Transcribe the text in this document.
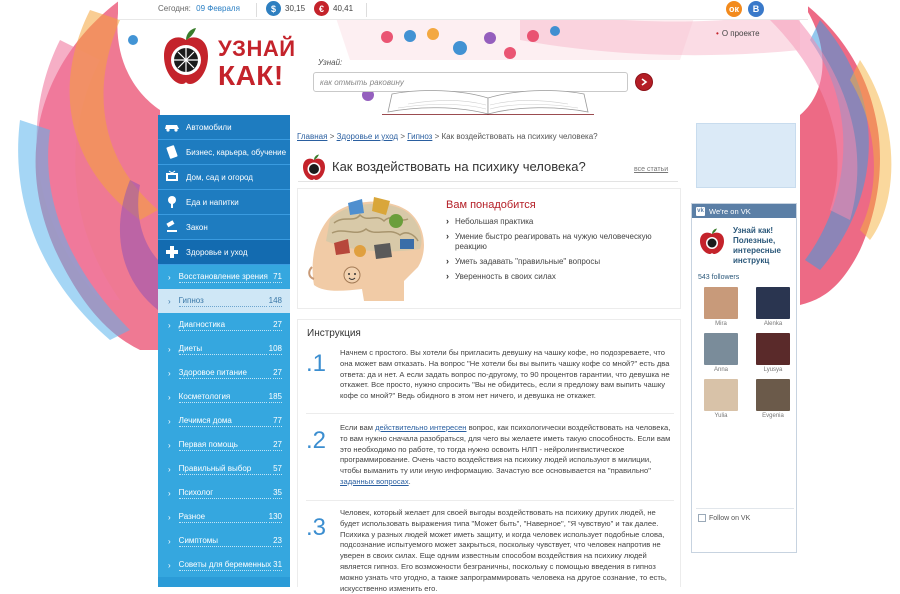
Сегодня: 09 Февраля	$	30,15	€	40,41	ок	В
• О проекте
УЗНАЙ
КАК!	Узнай:
как отмыть раковину
Автомобили
Бизнес, карьера, обучение
Дом, сад и огород
Еда и напитки
Закон
Здоровье и уход
› Восстановление зрения 71
› Гипноз	148
› Диагностика	27
› Диеты	108
› Здоровое питание	27
› Косметология	185
› Лечимся дома	77
› Первая помощь	27
› Правильный выбор	57
› Психолог	35
› Разное	130
› Симптомы	23
› Советы для беременных 31
Главная > Здоровье и уход > Гипноз > Как воздействовать на психику человека?
Как воздействовать на психику человека?	все статьи
Вам понадобится
› Небольшая практика
› Умение быстро реагировать на чужую человеческую реакцию
› Уметь задавать "правильные" вопросы
› Уверенность в своих силах
Инструкция
.1 Начнем с простого. Вы хотели бы пригласить девушку на чашку кофе, но подозреваете, что она может вам отказать. На вопрос "Не хотели бы вы выпить чашку кофе со мной?" есть два ответа: да и нет. А если задать вопрос по-другому, то 90 процентов гарантии, что девушка не откажет. Все просто, нужно спросить "Вы не обидитесь, если я предложу вам выпить чашку кофе со мной?" Ведь обидного в этом нет ничего, и девушка не откажет.
.2 Если вам действительно интересен вопрос, как психологически воздействовать на человека, то вам нужно сначала разобраться, для чего вы желаете иметь такую способность. Если вам это необходимо по работе, то тогда нужно освоить НЛП - нейролингвистическое программирование. Очень часто воздействия на психику людей используют в милиции, чтобы выманить ту или иную информацию. Зачастую все основывается на "правильно" заданных вопросах.
.3
Человек, который желает для своей выгоды воздействовать на психику других людей, не будет использовать выражения типа "Может быть", "Наверное", "Я чувствую" и так далее. Психика у разных людей может иметь защиту, и когда человек использует подобные слова, подсознание испытуемого может закрыться, поскольку чувствует, что человек напротив не уверен в своих силах. Еще одним известным способом воздействия на психику людей является гипноз. Его возможности безграничны, поскольку с помощью введения в гипноз можно узнать что угодно, а также запрограммировать человека на другое сознание, то есть, искусственно изменить его.
vk We're on VK
Узнай как! Полезные, интересные инструкц
543 followers
Mira	Alenka
Anna	Lyusya
Yulia	Evgenia
Follow on VK
